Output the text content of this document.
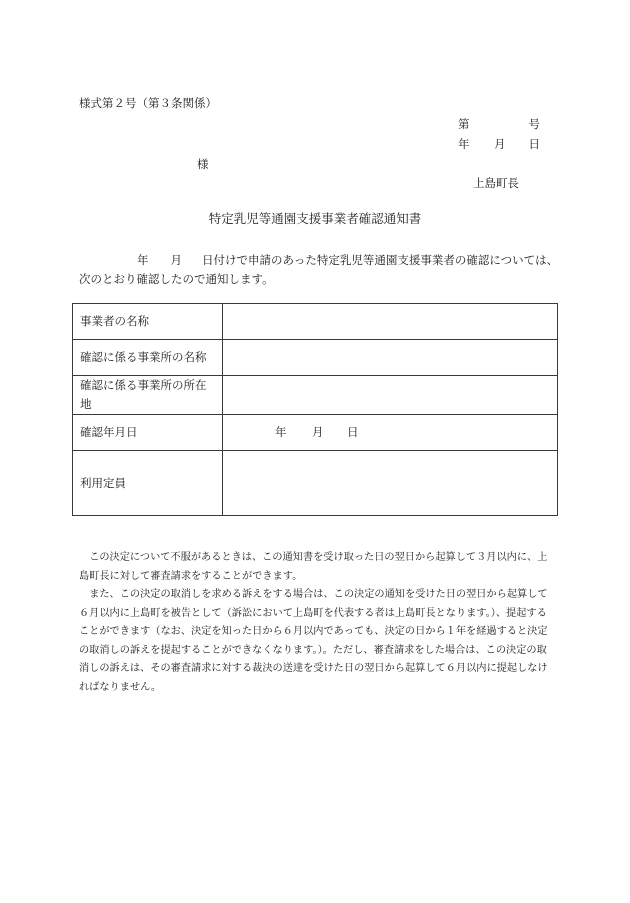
様式第２号（第３条関係）
第	号
年 月 日
様
上島町長
特定乳児等通園支援事業者確認通知書
年 月 日付けで申請のあった特定乳児等通園支援事業者の確認については、次のとおり確認したので通知します。
事業者の名称	
確認に係る事業所の名称	
確認に係る事業所の所在地	
確認年月日	年 月 日

利用定員	

この決定について不服があるときは、この通知書を受け取った日の翌日から起算して３月以内に、上島町長に対して審査請求をすることができます。

また、この決定の取消しを求める訴えをする場合は、この決定の通知を受けた日の翌日から起算して６月以内に上島町を被告として（訴訟において上島町を代表する者は上島町長となります。）、提起することができます（なお、決定を知った日から６月以内であっても、決定の日から１年を経過すると決定の取消しの訴えを提起することができなくなります。）。ただし、審査請求をした場合は、この決定の取消しの訴えは、その審査請求に対する裁決の送達を受けた日の翌日から起算して６月以内に提起しなければなりません。
